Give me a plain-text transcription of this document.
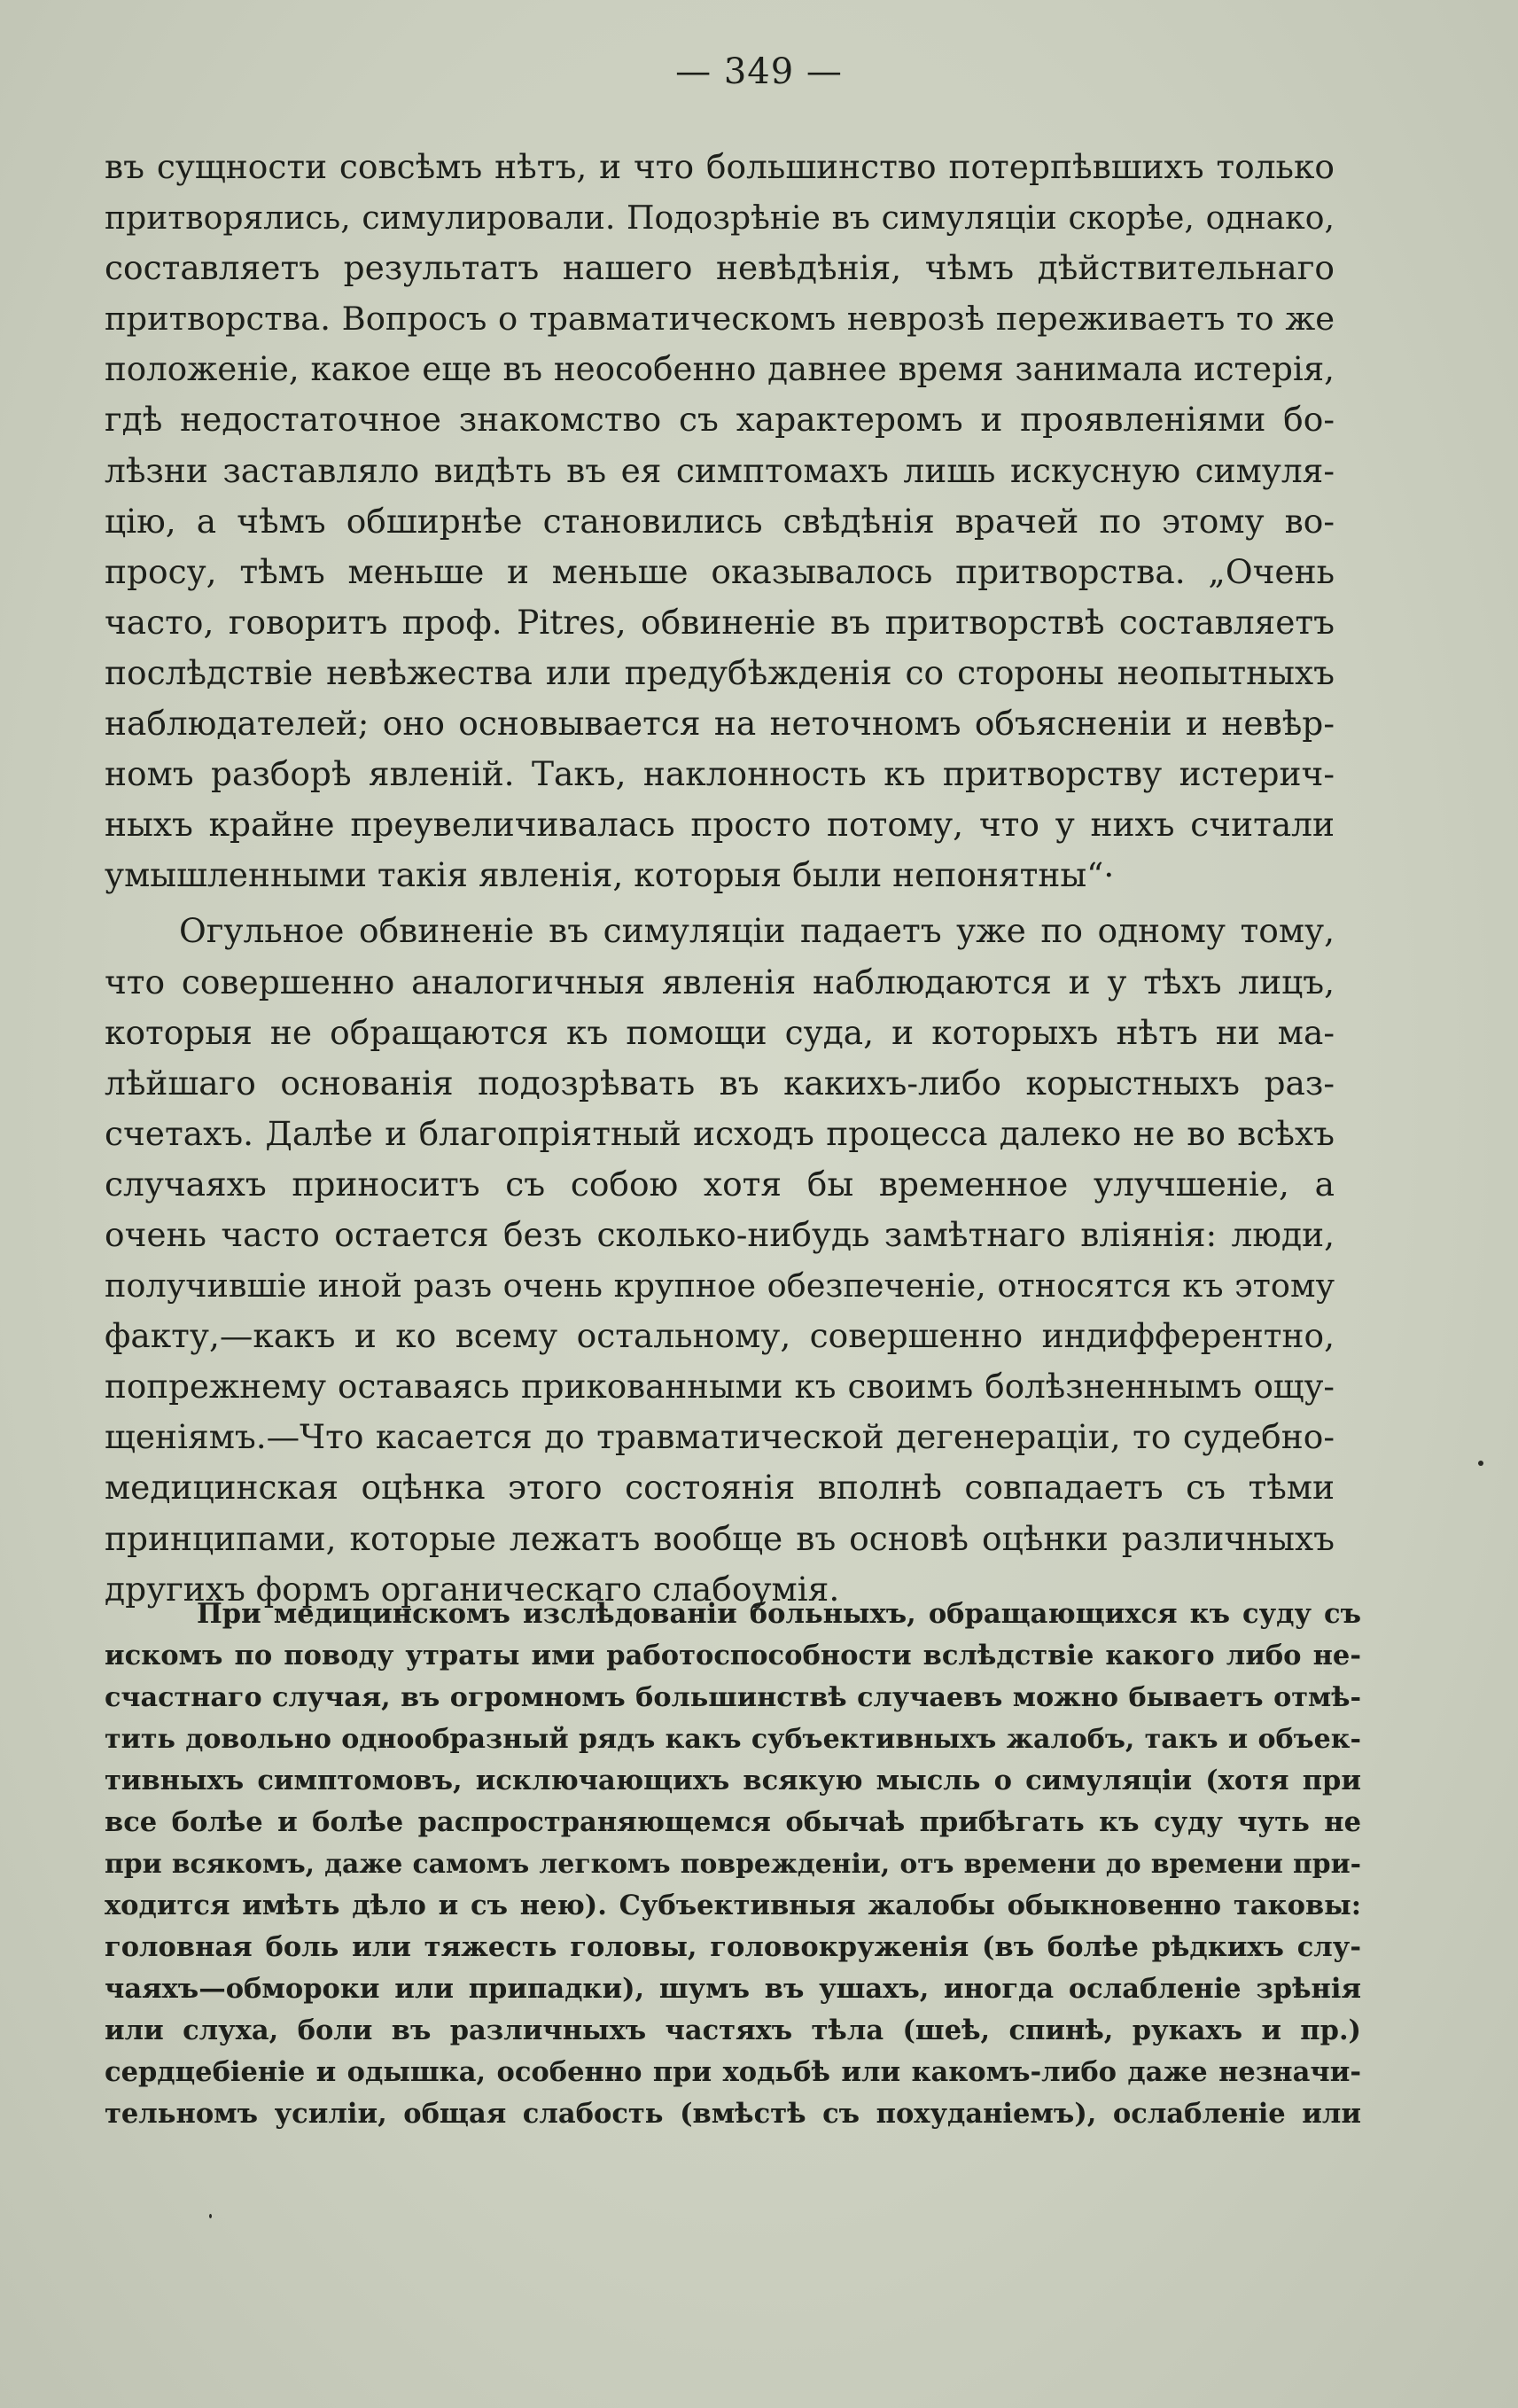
— 349 —
въ сущности совсѣмъ нѣтъ, и что большинство потерпѣвшихъ только
притворялись, симулировали. Подозрѣніе въ симуляціи скорѣе, однако,
составляетъ результатъ нашего невѣдѣнія, чѣмъ дѣйствительнаго
притворства. Вопросъ о травматическомъ неврозѣ переживаетъ то же
положеніе, какое еще въ неособенно давнее время занимала истерія,
гдѣ недостаточное знакомство съ характеромъ и проявленіями бо-
лѣзни заставляло видѣть въ ея симптомахъ лишь искусную симуля-
цію, а чѣмъ обширнѣе становились свѣдѣнія врачей по этому во-
просу, тѣмъ меньше и меньше оказывалось притворства. „Очень
часто, говоритъ проф. Pitres, обвиненіе въ притворствѣ составляетъ
послѣдствіе невѣжества или предубѣжденія со стороны неопытныхъ
наблюдателей; оно основывается на неточномъ объясненіи и невѣр-
номъ разборѣ явленій. Такъ, наклонность къ притворству истерич-
ныхъ крайне преувеличивалась просто потому, что у нихъ считали
умышленными такія явленія, которыя были непонятны“·
Огульное обвиненіе въ симуляціи падаетъ уже по одному тому,
что совершенно аналогичныя явленія наблюдаются и у тѣхъ лицъ,
которыя не обращаются къ помощи суда, и которыхъ нѣтъ ни ма-
лѣйшаго основанія подозрѣвать въ какихъ-либо корыстныхъ раз-
счетахъ. Далѣе и благопріятный исходъ процесса далеко не во всѣхъ
случаяхъ приноситъ съ собою хотя бы временное улучшеніе, а
очень часто остается безъ сколько-нибудь замѣтнаго вліянія: люди,
получившіе иной разъ очень крупное обезпеченіе, относятся къ этому
факту,—какъ и ко всему остальному, совершенно индифферентно,
попрежнему оставаясь прикованными къ своимъ болѣзненнымъ ощу-
щеніямъ.—Что касается до травматической дегенераціи, то судебно-
медицинская оцѣнка этого состоянія вполнѣ совпадаетъ съ тѣми
принципами, которые лежатъ вообще въ основѣ оцѣнки различныхъ
другихъ формъ органическаго слабоумія.
При медицинскомъ изслѣдованіи больныхъ, обращающихся къ суду съ
искомъ по поводу утраты ими работоспособности вслѣдствіе какого либо не-
счастнаго случая, въ огромномъ большинствѣ случаевъ можно бываетъ отмѣ-
тить довольно однообразный рядъ какъ субъективныхъ жалобъ, такъ и объек-
тивныхъ симптомовъ, исключающихъ всякую мысль о симуляціи (хотя при
все болѣе и болѣе распространяющемся обычаѣ прибѣгать къ суду чуть не
при всякомъ, даже самомъ легкомъ поврежденіи, отъ времени до времени при-
ходится имѣть дѣло и съ нею). Субъективныя жалобы обыкновенно таковы:
головная боль или тяжесть головы, головокруженія (въ болѣе рѣдкихъ слу-
чаяхъ—обмороки или припадки), шумъ въ ушахъ, иногда ослабленіе зрѣнія
или слуха, боли въ различныхъ частяхъ тѣла (шеѣ, спинѣ, рукахъ и пр.)
сердцебіеніе и одышка, особенно при ходьбѣ или какомъ-либо даже незначи-
тельномъ усиліи, общая слабость (вмѣстѣ съ похуданіемъ), ослабленіе или
